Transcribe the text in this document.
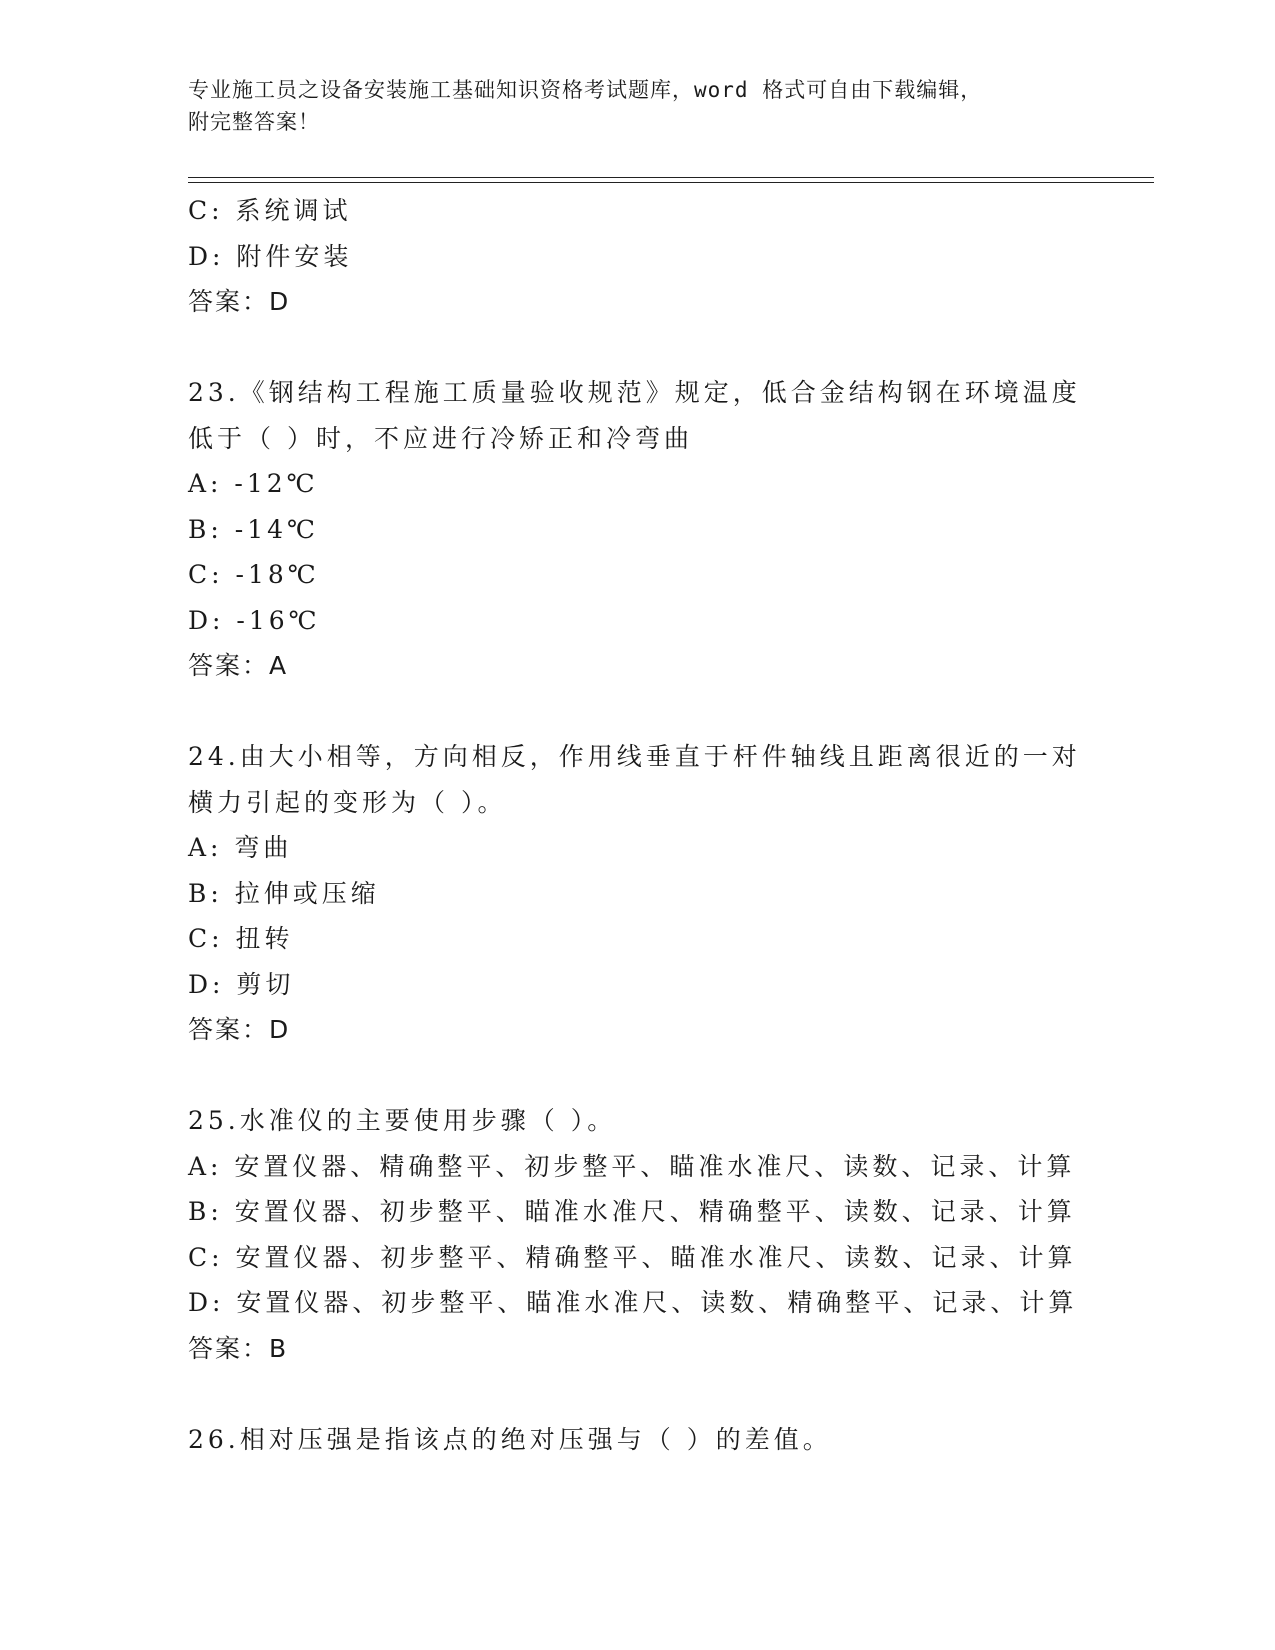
专业施工员之设备安装施工基础知识资格考试题库，word 格式可自由下载编辑，
附完整答案！
C: 系统调试
D: 附件安装
答案：D
23.《钢结构工程施工质量验收规范》规定，低合金结构钢在环境温度
低于（ ）时，不应进行冷矫正和冷弯曲
A: -12℃
B: -14℃
C: -18℃
D: -16℃
答案：A
24.由大小相等，方向相反，作用线垂直于杆件轴线且距离很近的一对
横力引起的变形为（ ）。
A: 弯曲
B: 拉伸或压缩
C: 扭转
D: 剪切
答案：D
25.水准仪的主要使用步骤（ ）。
A: 安置仪器、精确整平、初步整平、瞄准水准尺、读数、记录、计算
B: 安置仪器、初步整平、瞄准水准尺、精确整平、读数、记录、计算
C: 安置仪器、初步整平、精确整平、瞄准水准尺、读数、记录、计算
D: 安置仪器、初步整平、瞄准水准尺、读数、精确整平、记录、计算
答案：B
26.相对压强是指该点的绝对压强与（ ）的差值。
